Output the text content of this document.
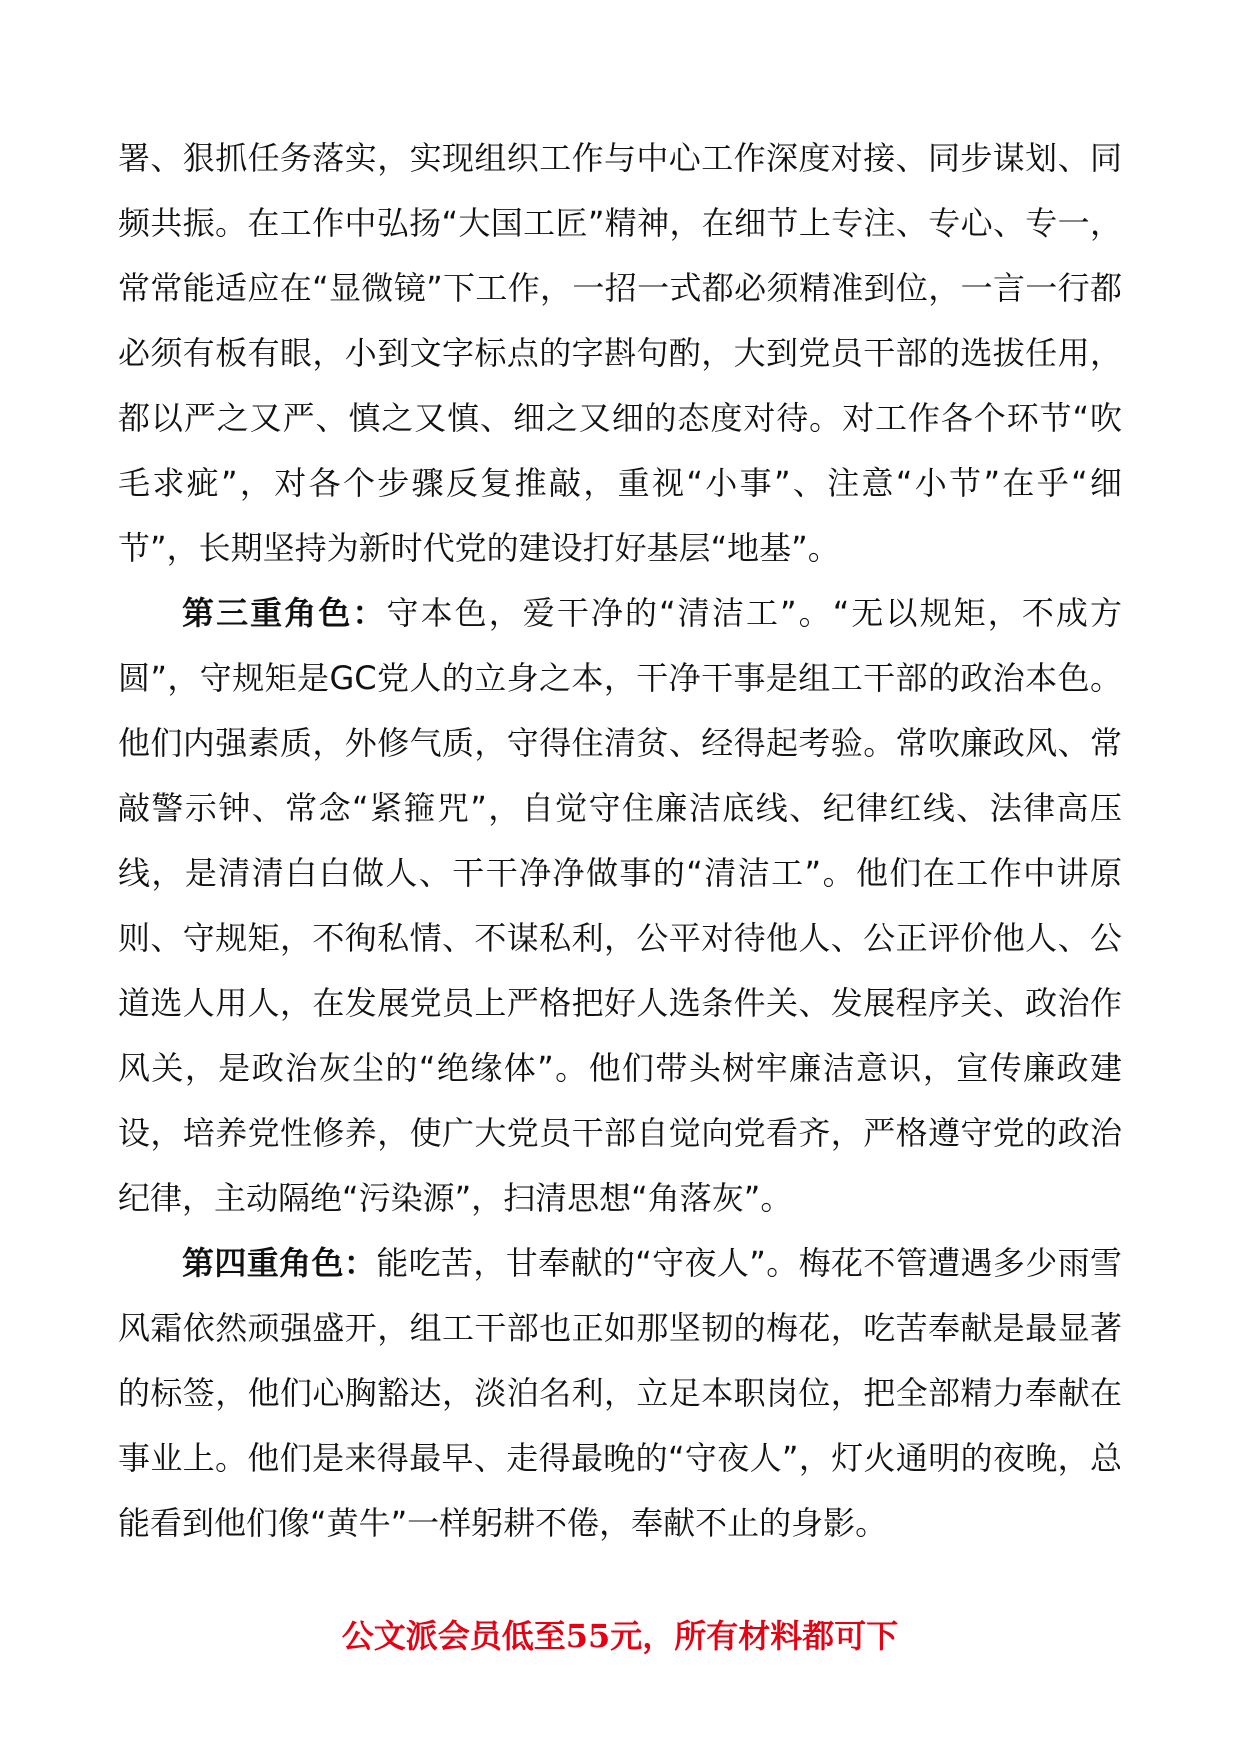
署、狠抓任务落实，实现组织工作与中心工作深度对接、同步谋划、同频共振。在工作中弘扬“大国工匠”精神，在细节上专注、专心、专一，常常能适应在“显微镜”下工作，一招一式都必须精准到位，一言一行都必须有板有眼，小到文字标点的字斟句酌，大到党员干部的选拔任用，都以严之又严、慎之又慎、细之又细的态度对待。对工作各个环节“吹毛求疵”，对各个步骤反复推敲，重视“小事”、注意“小节”在乎“细节”，长期坚持为新时代党的建设打好基层“地基”。

第三重角色：守本色，爱干净的“清洁工”。“无以规矩，不成方圆”，守规矩是GC党人的立身之本，干净干事是组工干部的政治本色。他们内强素质，外修气质，守得住清贫、经得起考验。常吹廉政风、常敲警示钟、常念“紧箍咒”，自觉守住廉洁底线、纪律红线、法律高压线，是清清白白做人、干干净净做事的“清洁工”。他们在工作中讲原则、守规矩，不徇私情、不谋私利，公平对待他人、公正评价他人、公道选人用人，在发展党员上严格把好人选条件关、发展程序关、政治作风关，是政治灰尘的“绝缘体”。他们带头树牢廉洁意识，宣传廉政建设，培养党性修养，使广大党员干部自觉向党看齐，严格遵守党的政治纪律，主动隔绝“污染源”，扫清思想“角落灰”。

第四重角色：能吃苦，甘奉献的“守夜人”。梅花不管遭遇多少雨雪风霜依然顽强盛开，组工干部也正如那坚韧的梅花，吃苦奉献是最显著的标签，他们心胸豁达，淡泊名利，立足本职岗位，把全部精力奉献在事业上。他们是来得最早、走得最晚的“守夜人”，灯火通明的夜晚，总能看到他们像“黄牛”一样躬耕不倦，奉献不止的身影。

公文派会员低至55元，所有材料都可下
